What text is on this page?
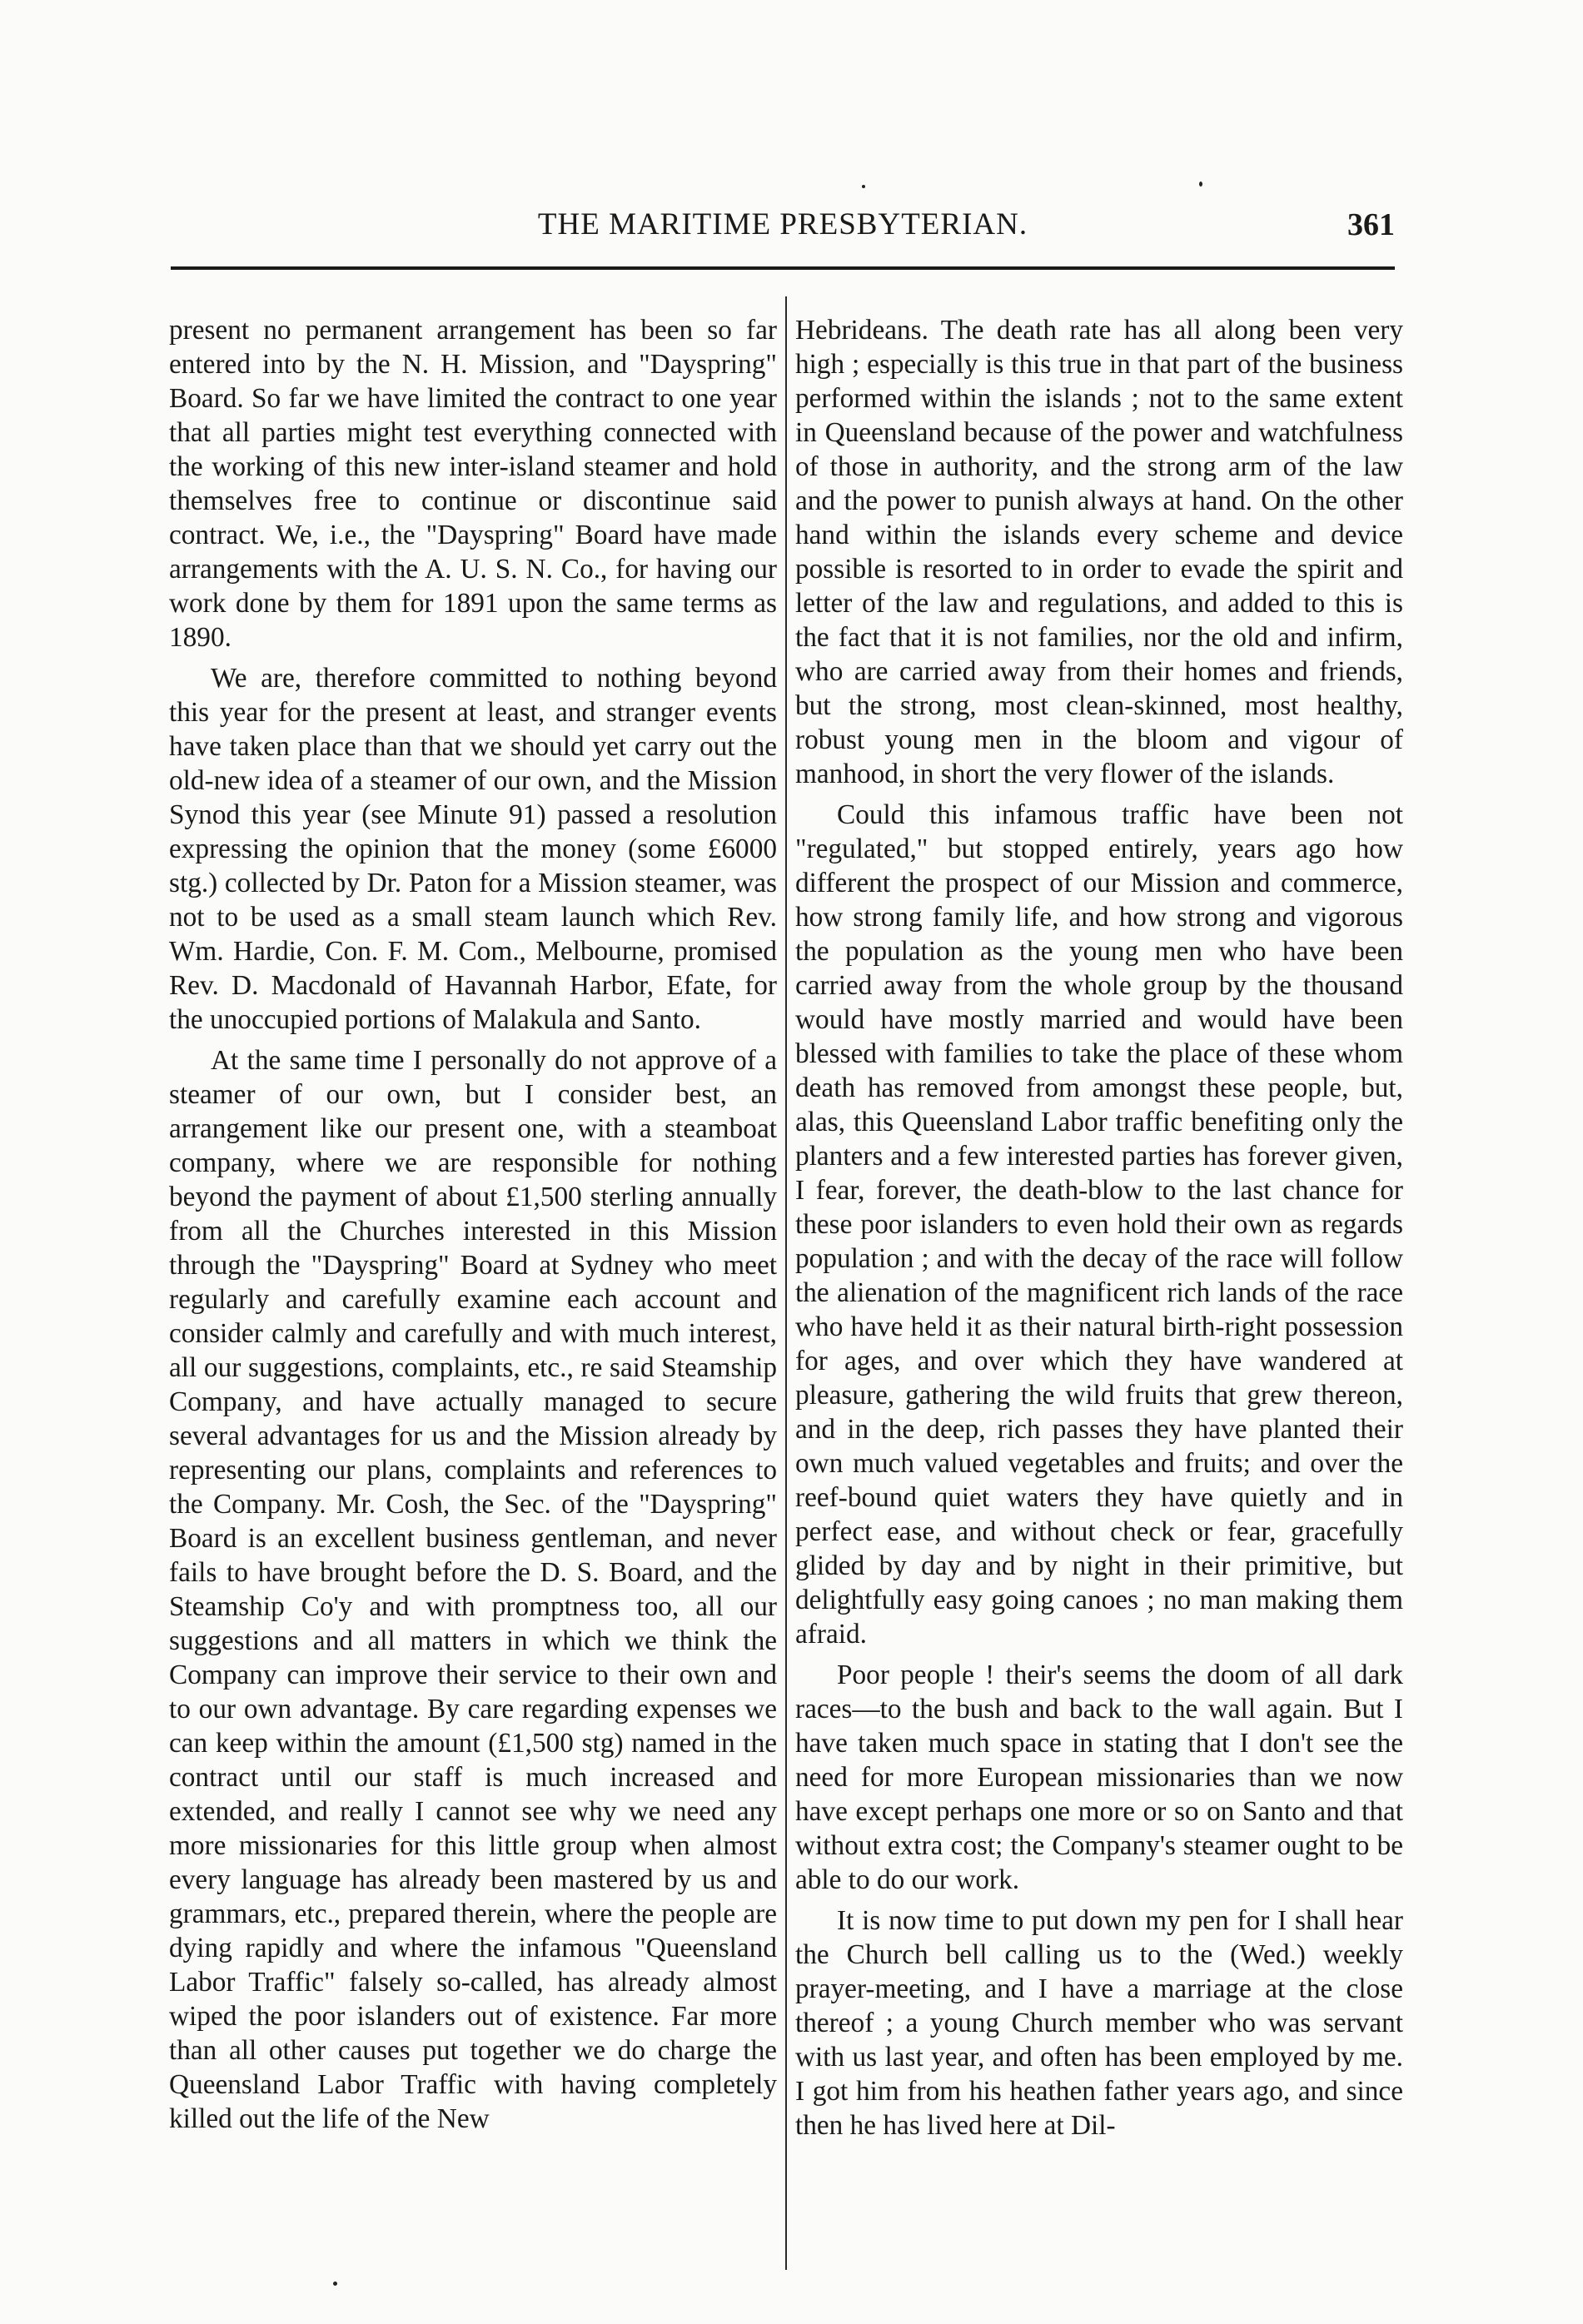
THE MARITIME PRESBYTERIAN.	361

present no permanent arrangement has been so far entered into by the N. H. Mission, and "Dayspring" Board. So far we have limited the contract to one year that all parties might test everything connected with the working of this new inter-island steamer and hold themselves free to continue or discontinue said contract. We, i.e., the "Dayspring" Board have made arrangements with the A. U. S. N. Co., for having our work done by them for 1891 upon the same terms as 1890.

We are, therefore committed to nothing beyond this year for the present at least, and stranger events have taken place than that we should yet carry out the old-new idea of a steamer of our own, and the Mission Synod this year (see Minute 91) passed a resolution expressing the opinion that the money (some £6000 stg.) collected by Dr. Paton for a Mission steamer, was not to be used as a small steam launch which Rev. Wm. Hardie, Con. F. M. Com., Melbourne, promised Rev. D. Macdonald of Havannah Harbor, Efate, for the unoccupied portions of Malakula and Santo.

At the same time I personally do not approve of a steamer of our own, but I consider best, an arrangement like our present one, with a steamboat company, where we are responsible for nothing beyond the payment of about £1,500 sterling annually from all the Churches interested in this Mission through the "Dayspring" Board at Sydney who meet regularly and carefully examine each account and consider calmly and carefully and with much interest, all our suggestions, complaints, etc., re said Steamship Company, and have actually managed to secure several advantages for us and the Mission already by representing our plans, complaints and references to the Company. Mr. Cosh, the Sec. of the "Dayspring" Board is an excellent business gentleman, and never fails to have brought before the D. S. Board, and the Steamship Co'y and with promptness too, all our suggestions and all matters in which we think the Company can improve their service to their own and to our own advantage. By care regarding expenses we can keep within the amount (£1,500 stg) named in the contract until our staff is much increased and extended, and really I cannot see why we need any more missionaries for this little group when almost every language has already been mastered by us and grammars, etc., prepared therein, where the people are dying rapidly and where the infamous "Queensland Labor Traffic" falsely so-called, has already almost wiped the poor islanders out of existence. Far more than all other causes put together we do charge the Queensland Labor Traffic with having completely killed out the life of the New

Hebrideans. The death rate has all along been very high ; especially is this true in that part of the business performed within the islands ; not to the same extent in Queensland because of the power and watchfulness of those in authority, and the strong arm of the law and the power to punish always at hand. On the other hand within the islands every scheme and device possible is resorted to in order to evade the spirit and letter of the law and regulations, and added to this is the fact that it is not families, nor the old and infirm, who are carried away from their homes and friends, but the strong, most clean-skinned, most healthy, robust young men in the bloom and vigour of manhood, in short the very flower of the islands.

Could this infamous traffic have been not "regulated," but stopped entirely, years ago how different the prospect of our Mission and commerce, how strong family life, and how strong and vigorous the population as the young men who have been carried away from the whole group by the thousand would have mostly married and would have been blessed with families to take the place of these whom death has removed from amongst these people, but, alas, this Queensland Labor traffic benefiting only the planters and a few interested parties has forever given, I fear, forever, the death-blow to the last chance for these poor islanders to even hold their own as regards population ; and with the decay of the race will follow the alienation of the magnificent rich lands of the race who have held it as their natural birth-right possession for ages, and over which they have wandered at pleasure, gathering the wild fruits that grew thereon, and in the deep, rich passes they have planted their own much valued vegetables and fruits; and over the reef-bound quiet waters they have quietly and in perfect ease, and without check or fear, gracefully glided by day and by night in their primitive, but delightfully easy going canoes ; no man making them afraid.

Poor people ! their's seems the doom of all dark races—to the bush and back to the wall again. But I have taken much space in stating that I don't see the need for more European missionaries than we now have except perhaps one more or so on Santo and that without extra cost; the Company's steamer ought to be able to do our work.

It is now time to put down my pen for I shall hear the Church bell calling us to the (Wed.) weekly prayer-meeting, and I have a marriage at the close thereof ; a young Church member who was servant with us last year, and often has been employed by me. I got him from his heathen father years ago, and since then he has lived here at Dil-
